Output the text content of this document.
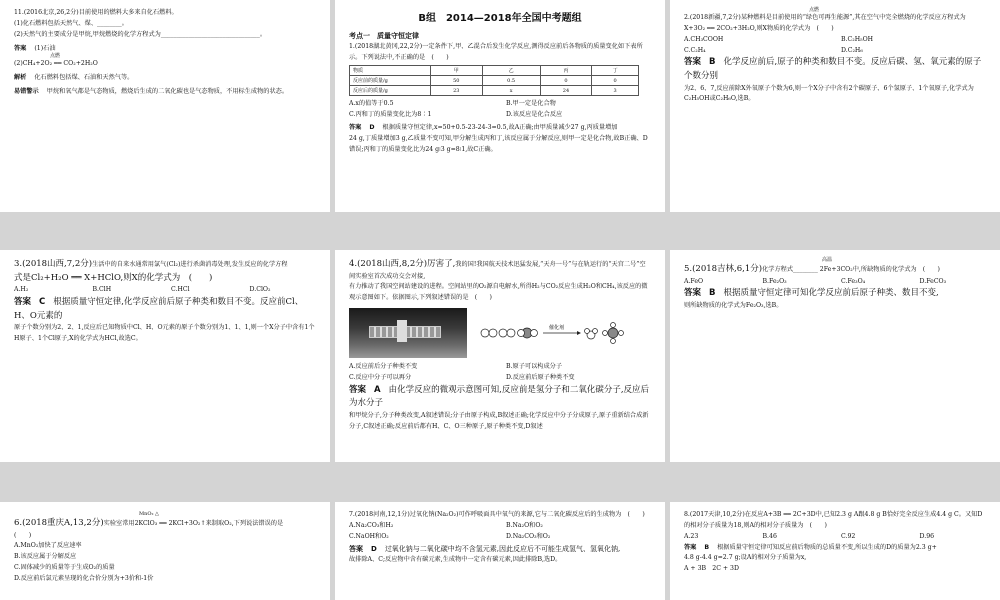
11.(2016北京,26,2分)目前使用的燃料大多来自化石燃料。

(1)化石燃料包括天然气、煤、________。

(2)天然气的主要成分是甲烷,甲烷燃烧的化学方程式为________________________________。

答案 (1)石油

点燃

(2)CH₄+2O₂ ══ CO₂+2H₂O

解析 化石燃料包括煤、石油和天然气等。

易错警示 甲烷和氧气都是气态物质，燃烧后生成的二氧化碳也是气态物质，不用标生成物的状态。

B组　2014—2018年全国中考题组

考点一　质量守恒定律

1.(2018湖北黄冈,22,2分)一定条件下,甲、乙混合后发生化学反应,测得反应前后各物质的质量变化如下表所示。下列说法中,不正确的是　(　　)

物质	甲	乙	丙	丁
反应前的质量/g	50	0.5	0	0
反应后的质量/g	23	x	24	3
A.x的值等于0.5	B.甲一定是化合物
C.丙和丁的质量变化比为8∶1	D.该反应是化合反应

答案 D 根据质量守恒定律,x=50+0.5-23-24-3=0.5,故A正确;由甲质量减少27 g,丙质量增加

24 g,丁质量增加3 g,乙质量不变可知,甲分解生成丙和丁,该反应属于分解反应,则甲一定是化合物,故B正确、D错误;丙和丁的质量变化比为24 g∶3 g=8∶1,故C正确。

点燃

2.(2018新疆,7,2分)某种燃料是目前使用的“绿色可再生能源”,其在空气中完全燃烧的化学反应方程式为X+3O₂ ══ 2CO₂+3H₂O,则X物质的化学式为　(　　)

A.CH₃COOH	B.C₂H₅OH
C.C₂H₄	D.C₂H₆

答案 B 化学反应前后,原子的种类和数目不变。反应后碳、氢、氧元素的原子个数分别

为2、6、7,反应前除X外氧原子个数为6,则一个X分子中含有2个碳原子、6个氢原子、1个氧原子,化学式为C₂H₅OH或C₂H₆O,选B。

3.(2018山西,7,2分)生活中的自来水通常用氯气(Cl₂)进行杀菌消毒处理,发生反应的化学方程

式是Cl₂+H₂O ══ X+HClO,则X的化学式为　(　　)

A.H₂	B.ClH	C.HCl	D.ClO₂

答案 C 根据质量守恒定律,化学反应前后原子种类和数目不变。反应前Cl、H、O元素的

原子个数分别为2、2、1,反应后已知物质中Cl、H、O元素的原子个数分别为1、1、1,则一个X分子中含有1个H原子、1个Cl原子,X的化学式为HCl,故选C。

4.(2018山西,8,2分)厉害了,我的国!我国航天技术迅猛发展,“天舟一号”与在轨运行的“天宫二号”空间实验室首次成功交会对接,

有力推动了我国空间站建设的进程。空间站里的O₂源自电解水,所得H₂与CO₂反应生成H₂O和CH₄,该反应的微观示意图如下。依据图示,下列叙述错误的是　(　　)

催化剂
A.反应前后分子种类不变	B.原子可以构成分子
C.反应中分子可以再分	D.反应前后原子种类不变

答案 A 由化学反应的微观示意图可知,反应前是氢分子和二氧化碳分子,反应后为水分子

和甲烷分子,分子种类改变,A叙述错误;分子由原子构成,B叙述正确;化学反应中分子分成原子,原子重新结合成新分子,C叙述正确;反应前后都有H、C、O三种原子,原子种类不变,D叙述

高温

5.(2018吉林,6,1分)化学方程式________ 2Fe+3CO₂中,所缺物质的化学式为　(　　)

A.FeO	B.Fe₂O₃	C.Fe₃O₄	D.FeCO₃

答案 B 根据质量守恒定律可知化学反应前后原子种类、数目不变,

则所缺物质的化学式为Fe₂O₃,选B。

MnO₂ △

6.(2018重庆A,13,2分)实验室常用2KClO₃ ══ 2KCl+3O₂↑来制取O₂,下列说法错误的是

(　　)

A.MnO₂加快了反应速率

B.该反应属于分解反应

C.固体减少的质量等于生成O₂的质量

D.反应前后氯元素呈现的化合价分别为+3价和-1价

7.(2018河南,12,1分)过氧化钠(Na₂O₂)可作呼吸面具中氧气的来源,它与二氧化碳反应后的生成物为　(　　)

A.Na₂CO₃和H₂	B.Na₂O和O₂
C.NaOH和O₂	D.Na₂CO₃和O₂

答案 D 过氧化钠与二氧化碳中均不含氢元素,因此反应后不可能生成氢气、氢氧化钠,

故排除A、C;反应物中含有碳元素,生成物中一定含有碳元素,因此排除B,选D。

8.(2017天津,10,2分)在反应A+3B ══ 2C+3D中,已知2.3 g A跟4.8 g B恰好完全反应生成4.4 g C。又知D的相对分子质量为18,则A的相对分子质量为　(　　)

A.23	B.46	C.92	D.96

答案 B 根据质量守恒定律可知反应前后物质的总质量不变,所以生成的D的质量为2.3 g+

4.8 g-4.4 g=2.7 g;设A的相对分子质量为x,

A + 3B　2C + 3D
